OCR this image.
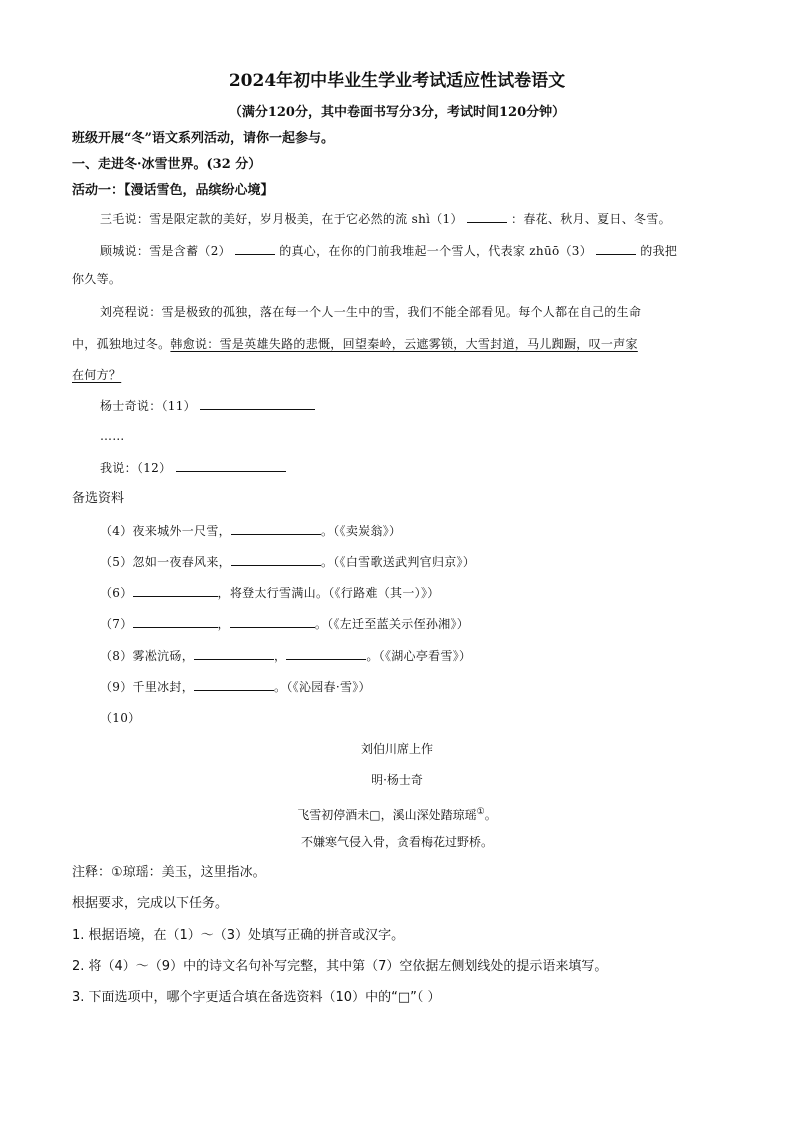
2024年初中毕业生学业考试适应性试卷语文
（满分120分，其中卷面书写分3分，考试时间120分钟）
班级开展“冬”语文系列活动，请你一起参与。
一、走进冬·冰雪世界。(32 分）
活动一：【漫话雪色，品缤纷心境】
三毛说：雪是限定款的美好，岁月极美，在于它必然的流 shì（1）	：春花、秋月、夏日、冬雪。
顾城说：雪是含蓄（2）	的真心，在你的门前我堆起一个雪人，代表家 zhūō（3）	的我把
你久等。
刘亮程说：雪是极致的孤独，落在每一个人一生中的雪，我们不能全部看见。每个人都在自己的生命
中，孤独地过冬。韩愈说：雪是英雄失路的悲慨，回望秦岭，云遮雾锁，大雪封道，马儿踟蹰，叹一声家
在何方？
杨士奇说：（11）
……
我说：（12）
备选资料
（4）夜来城外一尺雪，	。（《卖炭翁》）
（5）忽如一夜春风来，	。（《白雪歌送武判官归京》）
（6）	，将登太行雪满山。（《行路难（其一）》）
（7）	，	。（《左迁至蓝关示侄孙湘》）
（8）雾凇沆砀，	，	。（《湖心亭看雪》）
（9）千里冰封，	。（《沁园春·雪》）
（10）
刘伯川席上作
明·杨士奇
飞雪初停酒未□，溪山深处踏琼瑶①。
不嫌寒气侵入骨，贪看梅花过野桥。
注释：①琼瑶：美玉，这里指冰。
根据要求，完成以下任务。
1. 根据语境，在（1）～（3）处填写正确的拼音或汉字。
2. 将（4）～（9）中的诗文名句补写完整，其中第（7）空依据左侧划线处的提示语来填写。
3. 下面选项中，哪个字更适合填在备选资料（10）中的“□”（ ）
